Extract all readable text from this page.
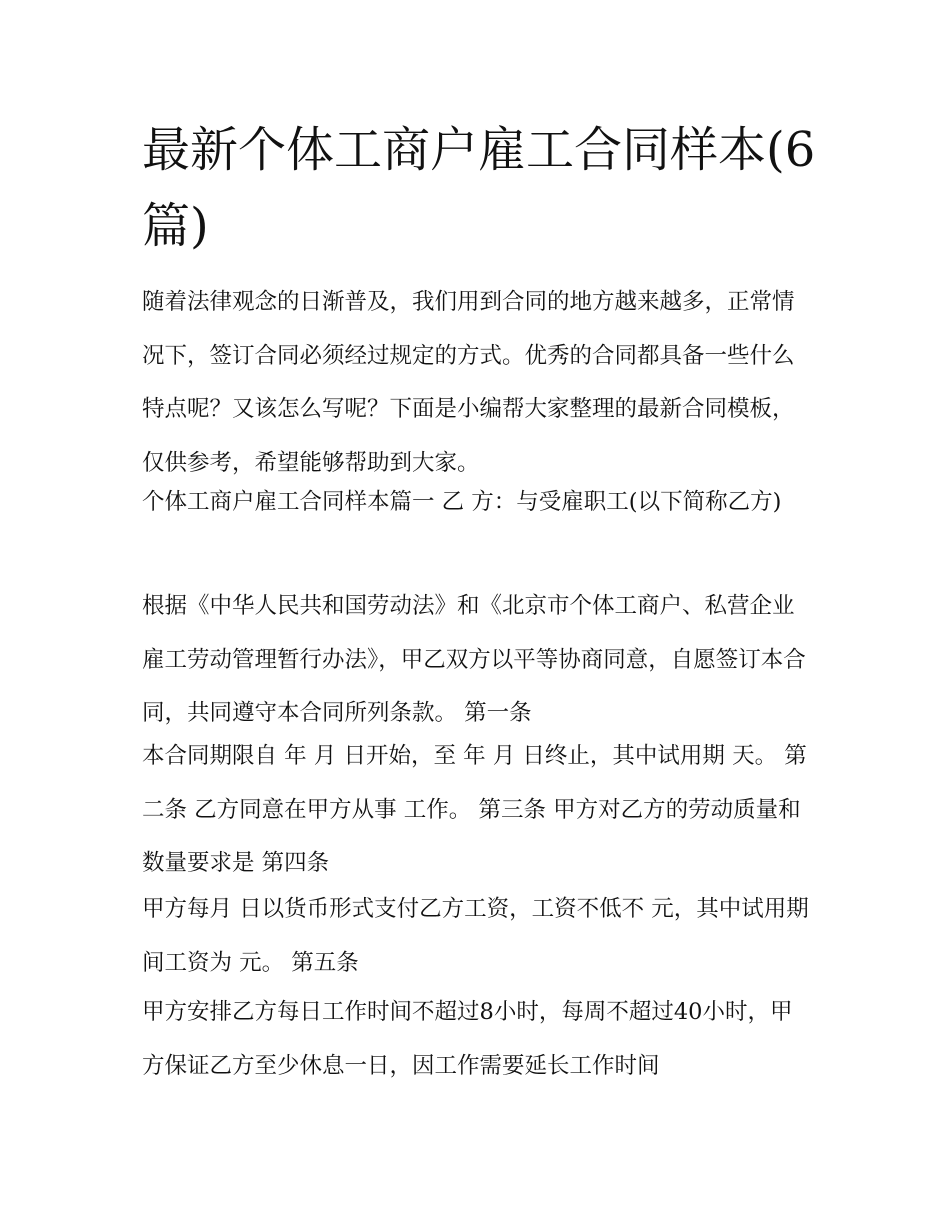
最新个体工商户雇工合同样本(6篇)

随着法律观念的日渐普及，我们用到合同的地方越来越多，正常情况下，签订合同必须经过规定的方式。优秀的合同都具备一些什么特点呢？又该怎么写呢？下面是小编帮大家整理的最新合同模板，仅供参考，希望能够帮助到大家。

个体工商户雇工合同样本篇一 乙 方：与受雇职工(以下简称乙方)

根据《中华人民共和国劳动法》和《北京市个体工商户、私营企业雇工劳动管理暂行办法》，甲乙双方以平等协商同意，自愿签订本合同，共同遵守本合同所列条款。 第一条

本合同期限自 年 月 日开始，至 年 月 日终止，其中试用期 天。 第二条 乙方同意在甲方从事 工作。 第三条 甲方对乙方的劳动质量和数量要求是 第四条

甲方每月 日以货币形式支付乙方工资，工资不低不 元，其中试用期间工资为 元。 第五条

甲方安排乙方每日工作时间不超过8小时，每周不超过40小时，甲方保证乙方至少休息一日，因工作需要延长工作时间
